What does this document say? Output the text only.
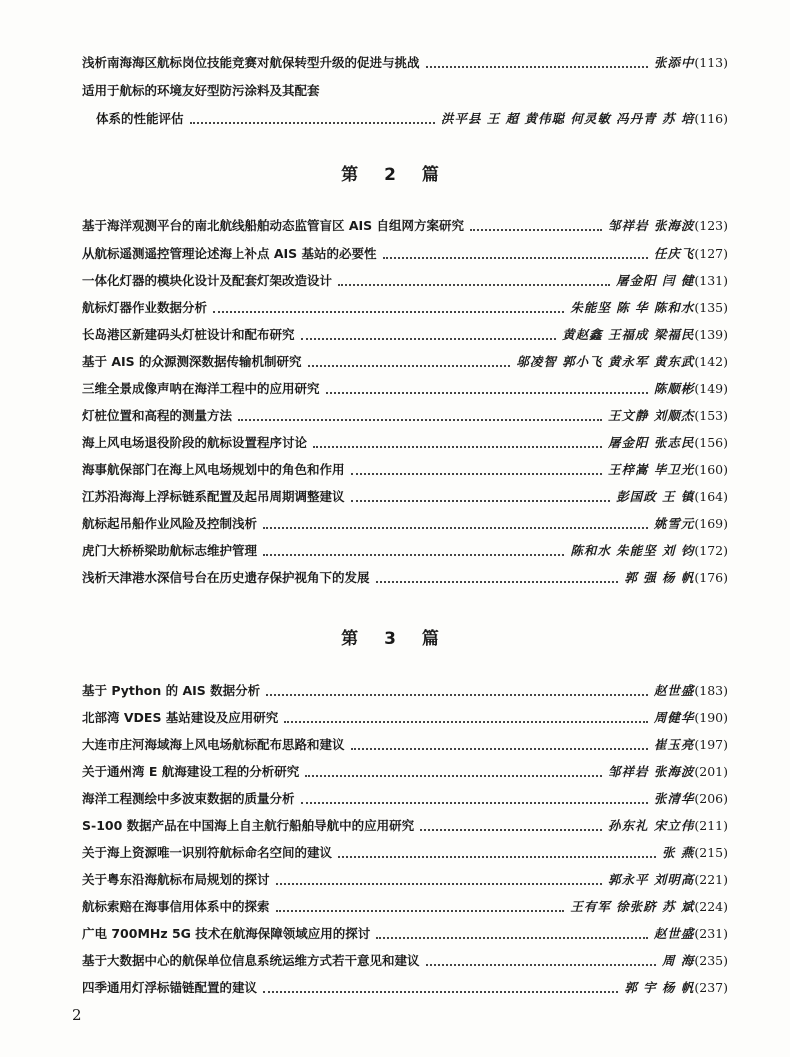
浅析南海海区航标岗位技能竞赛对航保转型升级的促进与挑战	张添中 (113)
适用于航标的环境友好型防污涂料及其配套
体系的性能评估	洪平县 王 超 黄伟聪 何灵敏 冯丹青 苏 培 (116)
第 2 篇
基于海洋观测平台的南北航线船舶动态监管盲区 AIS 自组网方案研究	邹祥岩 张海波 (123)
从航标遥测遥控管理论述海上补点 AIS 基站的必要性	任庆飞 (127)
一体化灯器的模块化设计及配套灯架改造设计	屠金阳 闫 健 (131)
航标灯器作业数据分析	朱能坚 陈 华 陈和水 (135)
长岛港区新建码头灯桩设计和配布研究	黄赵鑫 王福成 梁福民 (139)
基于 AIS 的众源测深数据传输机制研究	邬凌智 郭小飞 黄永军 黄东武 (142)
三维全景成像声呐在海洋工程中的应用研究	陈顺彬 (149)
灯桩位置和高程的测量方法	王文静 刘顺杰 (153)
海上风电场退役阶段的航标设置程序讨论	屠金阳 张志民 (156)
海事航保部门在海上风电场规划中的角色和作用	王梓嵩 毕卫光 (160)
江苏沿海海上浮标链系配置及起吊周期调整建议	彭国政 王 镇 (164)
航标起吊船作业风险及控制浅析	姚雪元 (169)
虎门大桥桥梁助航标志维护管理	陈和水 朱能坚 刘 钧 (172)
浅析天津港水深信号台在历史遗存保护视角下的发展	郭 强 杨 帆 (176)
第 3 篇
基于 Python 的 AIS 数据分析	赵世盛 (183)
北部湾 VDES 基站建设及应用研究	周健华 (190)
大连市庄河海域海上风电场航标配布思路和建议	崔玉亮 (197)
关于通州湾 E 航海建设工程的分析研究	邹祥岩 张海波 (201)
海洋工程测绘中多波束数据的质量分析	张清华 (206)
S-100 数据产品在中国海上自主航行船舶导航中的应用研究	孙东礼 宋立伟 (211)
关于海上资源唯一识别符航标命名空间的建议	张 燕 (215)
关于粤东沿海航标布局规划的探讨	郭永平 刘明高 (221)
航标索赔在海事信用体系中的探索	王有军 徐张跻 苏 斌 (224)
广电 700MHz 5G 技术在航海保障领域应用的探讨	赵世盛 (231)
基于大数据中心的航保单位信息系统运维方式若干意见和建议	周 海 (235)
四季通用灯浮标锚链配置的建议	郭 宇 杨 帆 (237)
2
